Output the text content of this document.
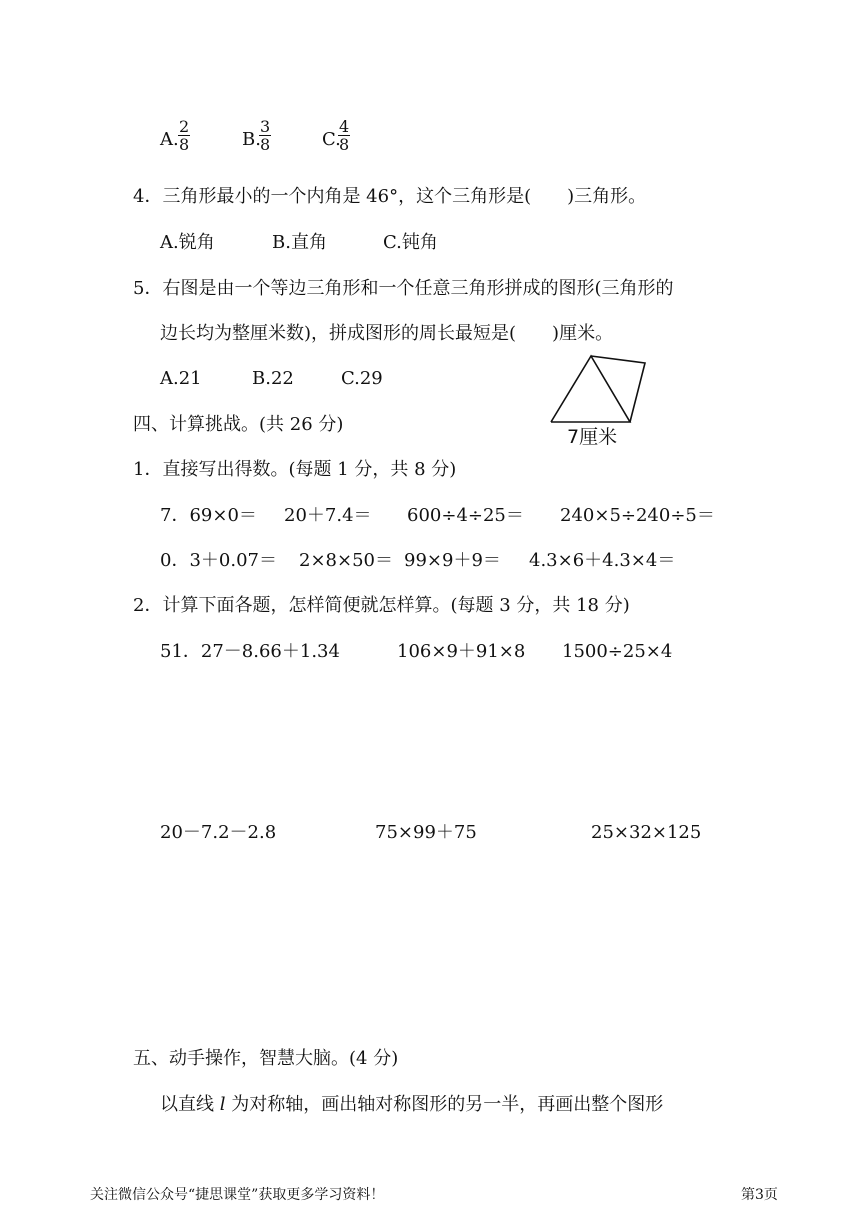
A. $\frac{2}{8}$	B.
$\frac{3}{8}$	C.
$\frac{4}{8}$
4．三角形最小的一个内角是 46°，这个三角形是(　　)三角形。
A.锐角	B.直角	C.钝角
5．右图是由一个等边三角形和一个任意三角形拼成的图形(三角形的
边长均为整厘米数)，拼成图形的周长最短是(　　)厘米。
A.21	B.22	C.29
7厘米
四、计算挑战。(共 26 分)
1．直接写出得数。(每题 1 分，共 8 分)
7．69×0＝ 20＋7.4＝ 600÷4÷25＝ 240×5÷240÷5＝
0．3＋0.07＝ 2×8×50＝ 99×9＋9＝ 4.3×6＋4.3×4＝
2．计算下面各题，怎样简便就怎样算。(每题 3 分，共 18 分)
51．27－8.66＋1.34	106×9＋91×8 1500÷25×4
20－7.2－2.8	75×99＋75	25×32×125
五、动手操作，智慧大脑。(4 分)
以直线 l 为对称轴，画出轴对称图形的另一半，再画出整个图形
关注微信公众号“捷思课堂”获取更多学习资料！	第3页
